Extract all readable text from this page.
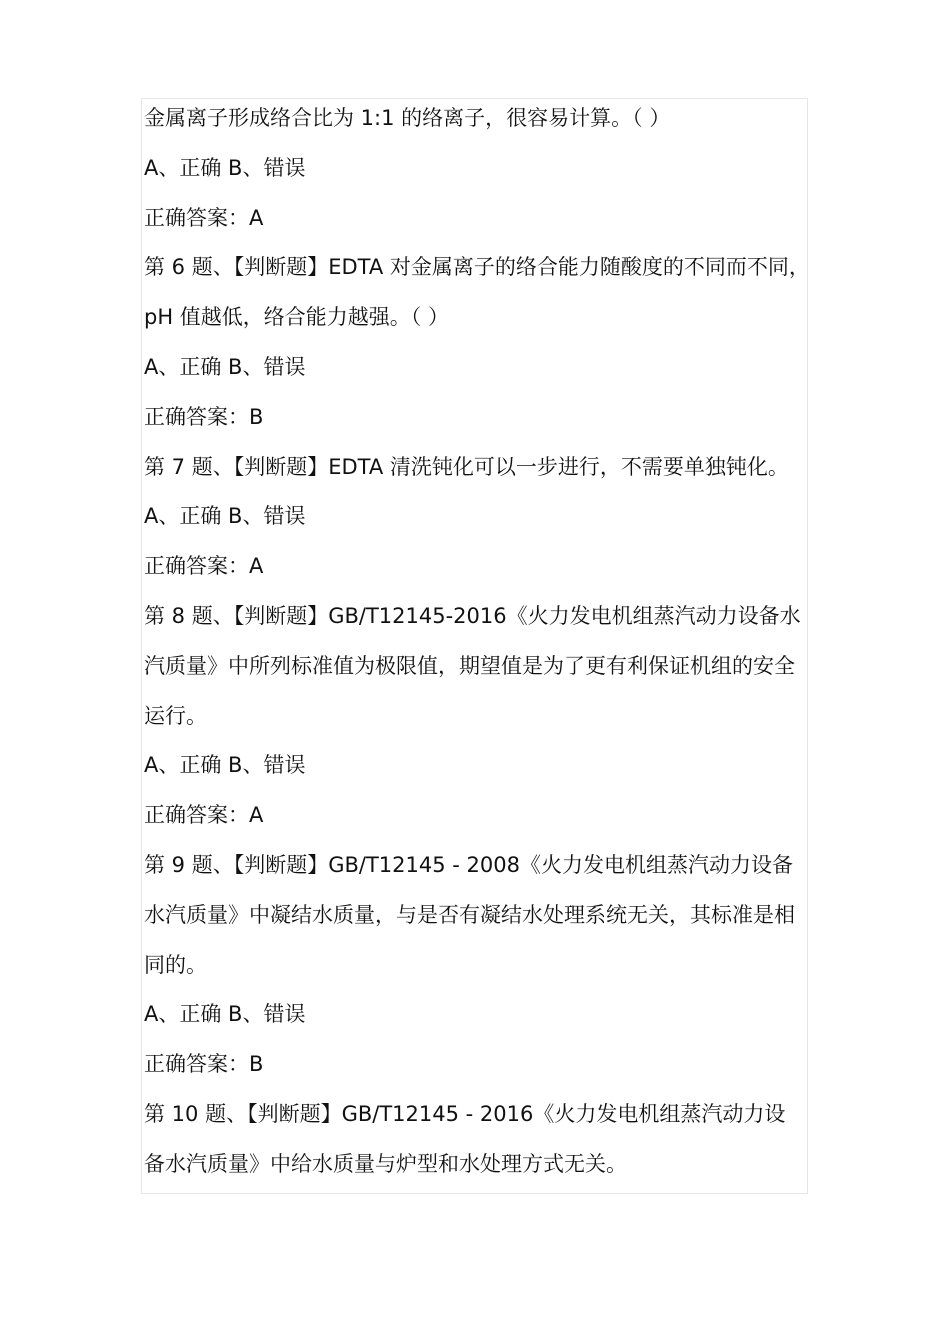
金属离子形成络合比为 1:1 的络离子，很容易计算。（ ）
A、正确 B、错误
正确答案：A
第 6 题、【判断题】EDTA 对金属离子的络合能力随酸度的不同而不同，
pH 值越低，络合能力越强。（ ）
A、正确 B、错误
正确答案：B
第 7 题、【判断题】EDTA 清洗钝化可以一步进行，不需要单独钝化。
A、正确 B、错误
正确答案：A
第 8 题、【判断题】GB/T12145-2016《火力发电机组蒸汽动力设备水
汽质量》中所列标准值为极限值，期望值是为了更有利保证机组的安全
运行。
A、正确 B、错误
正确答案：A
第 9 题、【判断题】GB/T12145 - 2008《火力发电机组蒸汽动力设备
水汽质量》中凝结水质量，与是否有凝结水处理系统无关，其标准是相
同的。
A、正确 B、错误
正确答案：B
第 10 题、【判断题】GB/T12145 - 2016《火力发电机组蒸汽动力设
备水汽质量》中给水质量与炉型和水处理方式无关。
